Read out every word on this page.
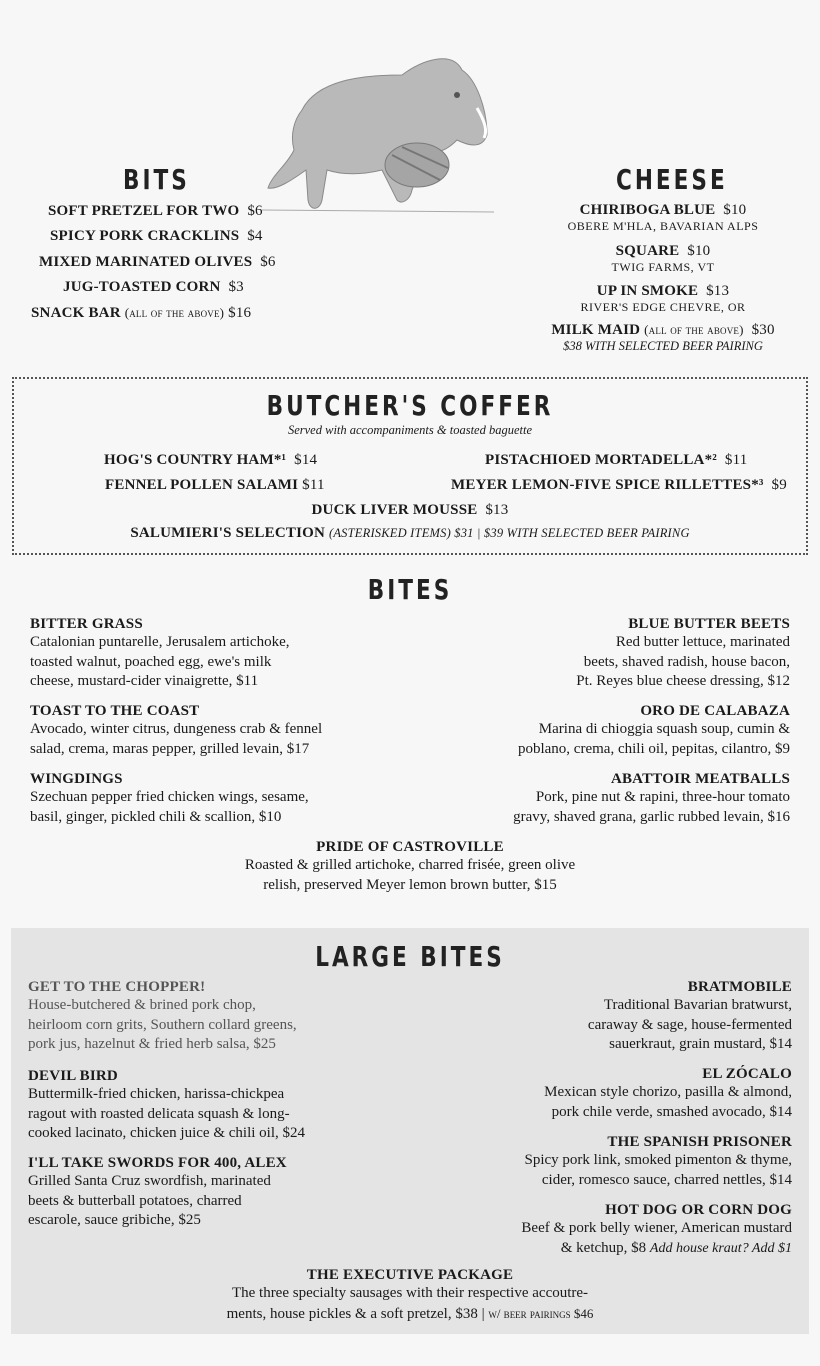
BITS
SOFT PRETZEL FOR TWO $6
SPICY PORK CRACKLINS $4
MIXED MARINATED OLIVES $6
JUG-TOASTED CORN $3
SNACK BAR (all of the above) $16
CHEESE
CHIRIBOGA BLUE $10
OBERE M'HLA, BAVARIAN ALPS
SQUARE $10
TWIG FARMS, VT
UP IN SMOKE $13
RIVER'S EDGE CHEVRE, OR
MILK MAID (all of the above) $30
$38 WITH SELECTED BEER PAIRING
BUTCHER'S COFFER
Served with accompaniments & toasted baguette
HOG'S COUNTRY HAM*¹ $14	PISTACHIOED MORTADELLA*² $11
FENNEL POLLEN SALAMI $11	MEYER LEMON-FIVE SPICE RILLETTES*³ $9
DUCK LIVER MOUSSE $13
SALUMIERI'S SELECTION (ASTERISKED ITEMS) $31 | $39 WITH SELECTED BEER PAIRING
BITES
BITTER GRASS
Catalonian puntarelle, Jerusalem artichoke,
toasted walnut, poached egg, ewe's milk
cheese, mustard-cider vinaigrette, $11
BLUE BUTTER BEETS
Red butter lettuce, marinated
beets, shaved radish, house bacon,
Pt. Reyes blue cheese dressing, $12
TOAST TO THE COAST
Avocado, winter citrus, dungeness crab & fennel
salad, crema, maras pepper, grilled levain, $17
ORO DE CALABAZA
Marina di chioggia squash soup, cumin &
poblano, crema, chili oil, pepitas, cilantro, $9
WINGDINGS
Szechuan pepper fried chicken wings, sesame,
basil, ginger, pickled chili & scallion, $10
ABATTOIR MEATBALLS
Pork, pine nut & rapini, three-hour tomato
gravy, shaved grana, garlic rubbed levain, $16
PRIDE OF CASTROVILLE
Roasted & grilled artichoke, charred frisée, green olive
relish, preserved Meyer lemon brown butter, $15
LARGE BITES
GET TO THE CHOPPER!
House-butchered & brined pork chop,
heirloom corn grits, Southern collard greens,
pork jus, hazelnut & fried herb salsa, $25
BRATMOBILE
Traditional Bavarian bratwurst,
caraway & sage, house-fermented
sauerkraut, grain mustard, $14
DEVIL BIRD
Buttermilk-fried chicken, harissa-chickpea
ragout with roasted delicata squash & long-
cooked lacinato, chicken juice & chili oil, $24
EL ZÓCALO
Mexican style chorizo, pasilla & almond,
pork chile verde, smashed avocado, $14
I'LL TAKE SWORDS FOR 400, ALEX
Grilled Santa Cruz swordfish, marinated
beets & butterball potatoes, charred
escarole, sauce gribiche, $25
THE SPANISH PRISONER
Spicy pork link, smoked pimenton & thyme,
cider, romesco sauce, charred nettles, $14
HOT DOG OR CORN DOG
Beef & pork belly wiener, American mustard
& ketchup, $8 Add house kraut? Add $1
THE EXECUTIVE PACKAGE
The three specialty sausages with their respective accoutre-
ments, house pickles & a soft pretzel, $38 | w/ beer pairings $46
